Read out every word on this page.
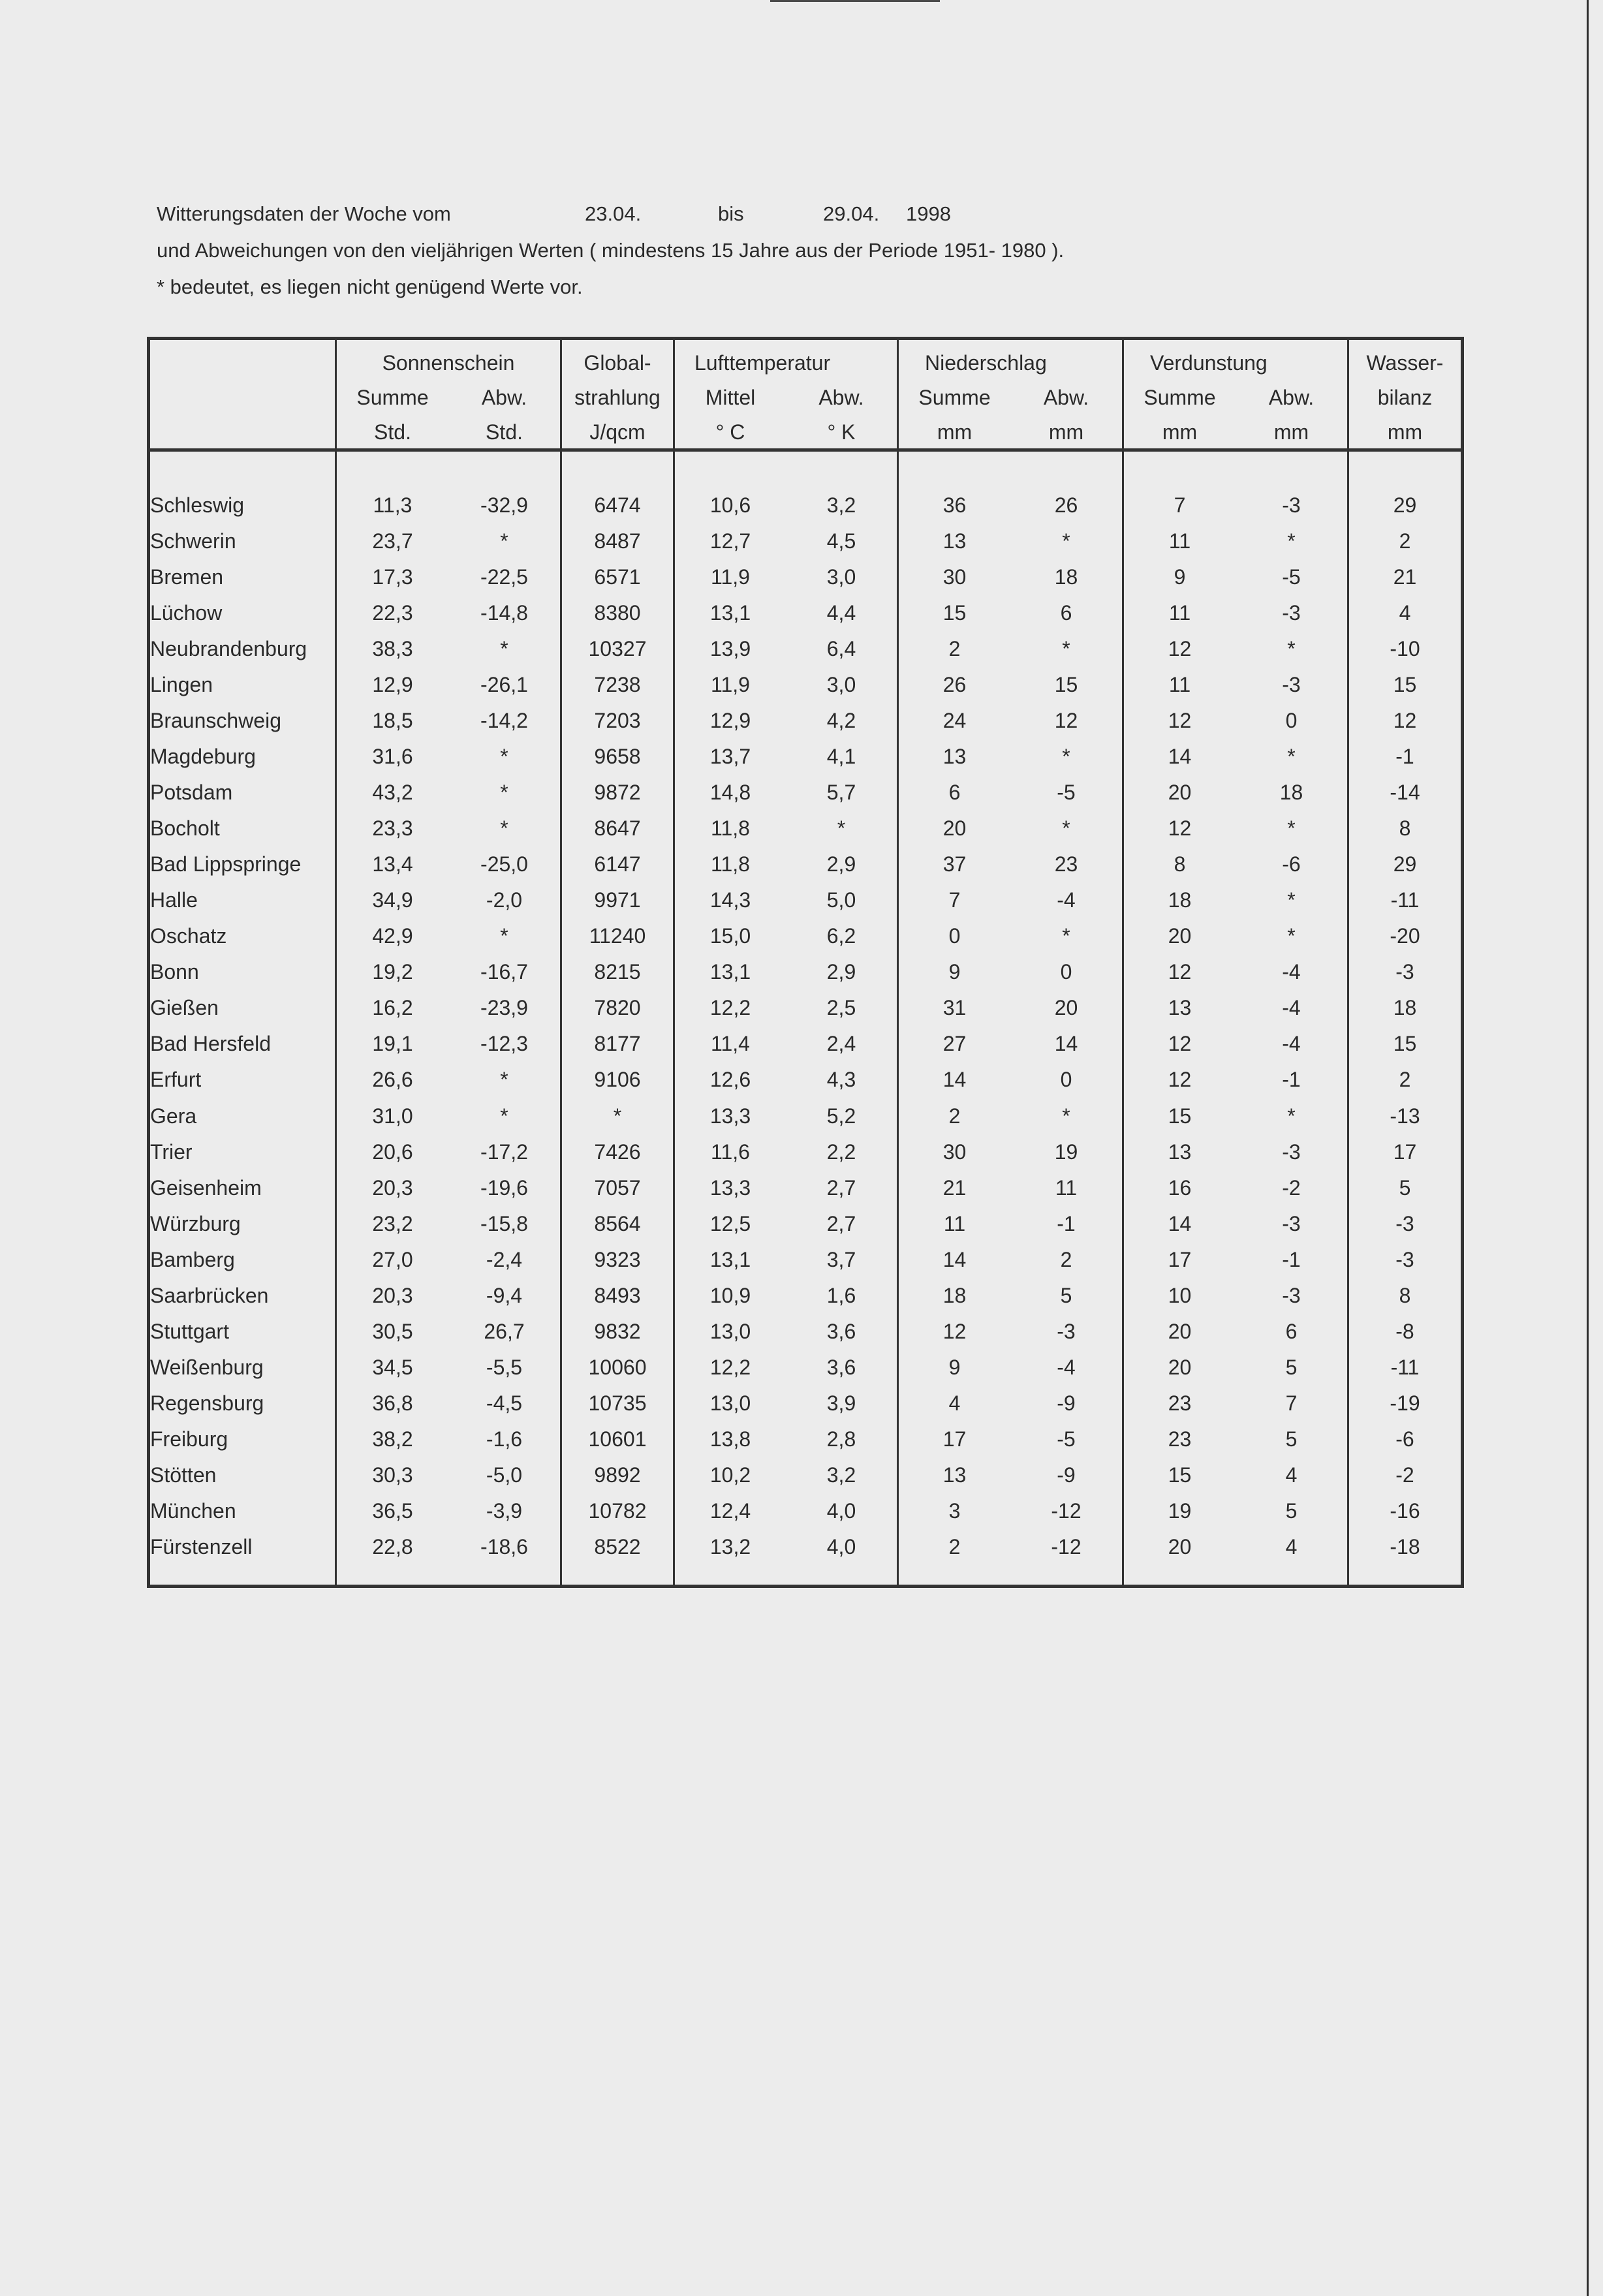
Witterungsdaten der Woche vom

	23.04.

	bis

	29.04.

1998

und Abweichungen von den vieljährigen Werten ( mindestens 15 Jahre aus der Periode 1951- 1980 ).
* bedeutet, es liegen nicht genügend Werte vor.
	Sonnenschein	Global-	Lufttemperatur	Niederschlag	Verdunstung	Wasser-

	Summe Abw.	strahlung	Mittel Abw.	Summe Abw.	Summe Abw.	bilanz

	Std. Std.	J/qcm	° C ° K	mm mm	mm mm	mm

Schleswig	11,3 -32,9	6474	10,6 3,2	36 26	7 -3	29
Schwerin	23,7 *	8487	12,7 4,5	13 *	11 *	2
Bremen	17,3 -22,5	6571	11,9 3,0	30 18	9 -5	21
Lüchow	22,3 -14,8	8380	13,1 4,4	15 6	11 -3	4
Neubrandenburg	38,3 *	10327	13,9 6,4	2 *	12 *	-10
Lingen	12,9 -26,1	7238	11,9 3,0	26 15	11 -3	15
Braunschweig	18,5 -14,2	7203	12,9 4,2	24 12	12 0	12
Magdeburg	31,6 *	9658	13,7 4,1	13 *	14 *	-1
Potsdam	43,2 *	9872	14,8 5,7	6 -5	20 18	-14
Bocholt	23,3 *	8647	11,8 *	20 *	12 *	8
Bad Lippspringe	13,4 -25,0	6147	11,8 2,9	37 23	8 -6	29
Halle	34,9 -2,0	9971	14,3 5,0	7 -4	18 *	-11
Oschatz	42,9 *	11240	15,0 6,2	0 *	20 *	-20
Bonn	19,2 -16,7	8215	13,1 2,9	9 0	12 -4	-3
Gießen	16,2 -23,9	7820	12,2 2,5	31 20	13 -4	18
Bad Hersfeld	19,1 -12,3	8177	11,4 2,4	27 14	12 -4	15
Erfurt	26,6 *	9106	12,6 4,3	14 0	12 -1	2
Gera	31,0 *	*	13,3 5,2	2 *	15 *	-13
Trier	20,6 -17,2	7426	11,6 2,2	30 19	13 -3	17
Geisenheim	20,3 -19,6	7057	13,3 2,7	21 11	16 -2	5
Würzburg	23,2 -15,8	8564	12,5 2,7	11 -1	14 -3	-3
Bamberg	27,0 -2,4	9323	13,1 3,7	14 2	17 -1	-3
Saarbrücken	20,3 -9,4	8493	10,9 1,6	18 5	10 -3	8
Stuttgart	30,5 26,7	9832	13,0 3,6	12 -3	20 6	-8
Weißenburg	34,5 -5,5	10060	12,2 3,6	9 -4	20 5	-11
Regensburg	36,8 -4,5	10735	13,0 3,9	4 -9	23 7	-19
Freiburg	38,2 -1,6	10601	13,8 2,8	17 -5	23 5	-6
Stötten	30,3 -5,0	9892	10,2 3,2	13 -9	15 4	-2
München	36,5 -3,9	10782	12,4 4,0	3 -12	19 5	-16
Fürstenzell	22,8 -18,6	8522	13,2 4,0	2 -12	20 4	-18
